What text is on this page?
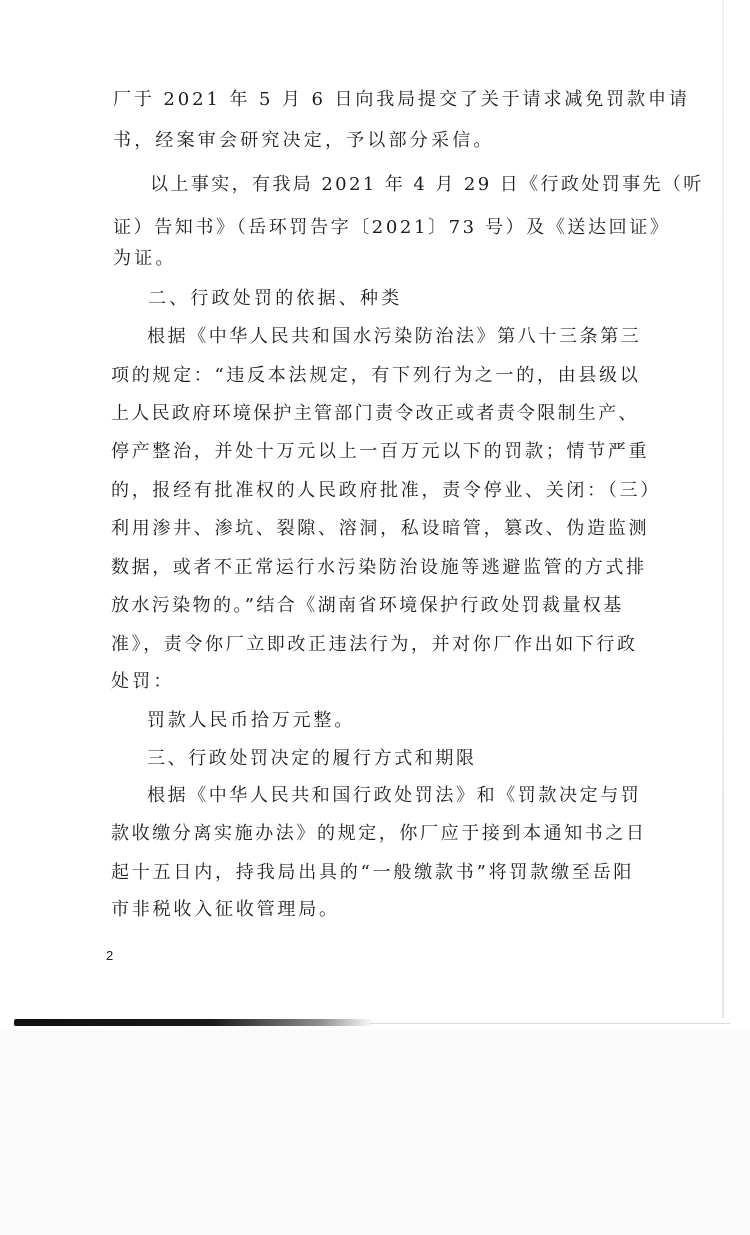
厂于 2021 年 5 月 6 日向我局提交了关于请求减免罚款申请
书，经案审会研究决定，予以部分采信。
以上事实，有我局 2021 年 4 月 29 日《行政处罚事先（听
证）告知书》（岳环罚告字〔2021〕73 号）及《送达回证》
为证。
二、行政处罚的依据、种类
根据《中华人民共和国水污染防治法》第八十三条第三
项的规定：“违反本法规定，有下列行为之一的，由县级以
上人民政府环境保护主管部门责令改正或者责令限制生产、
停产整治，并处十万元以上一百万元以下的罚款；情节严重
的，报经有批准权的人民政府批准，责令停业、关闭：（三）
利用渗井、渗坑、裂隙、溶洞，私设暗管，篡改、伪造监测
数据，或者不正常运行水污染防治设施等逃避监管的方式排
放水污染物的。”结合《湖南省环境保护行政处罚裁量权基
准》，责令你厂立即改正违法行为，并对你厂作出如下行政
处罚：
罚款人民币拾万元整。
三、行政处罚决定的履行方式和期限
根据《中华人民共和国行政处罚法》和《罚款决定与罚
款收缴分离实施办法》的规定，你厂应于接到本通知书之日
起十五日内，持我局出具的“一般缴款书”将罚款缴至岳阳
市非税收入征收管理局。
2
